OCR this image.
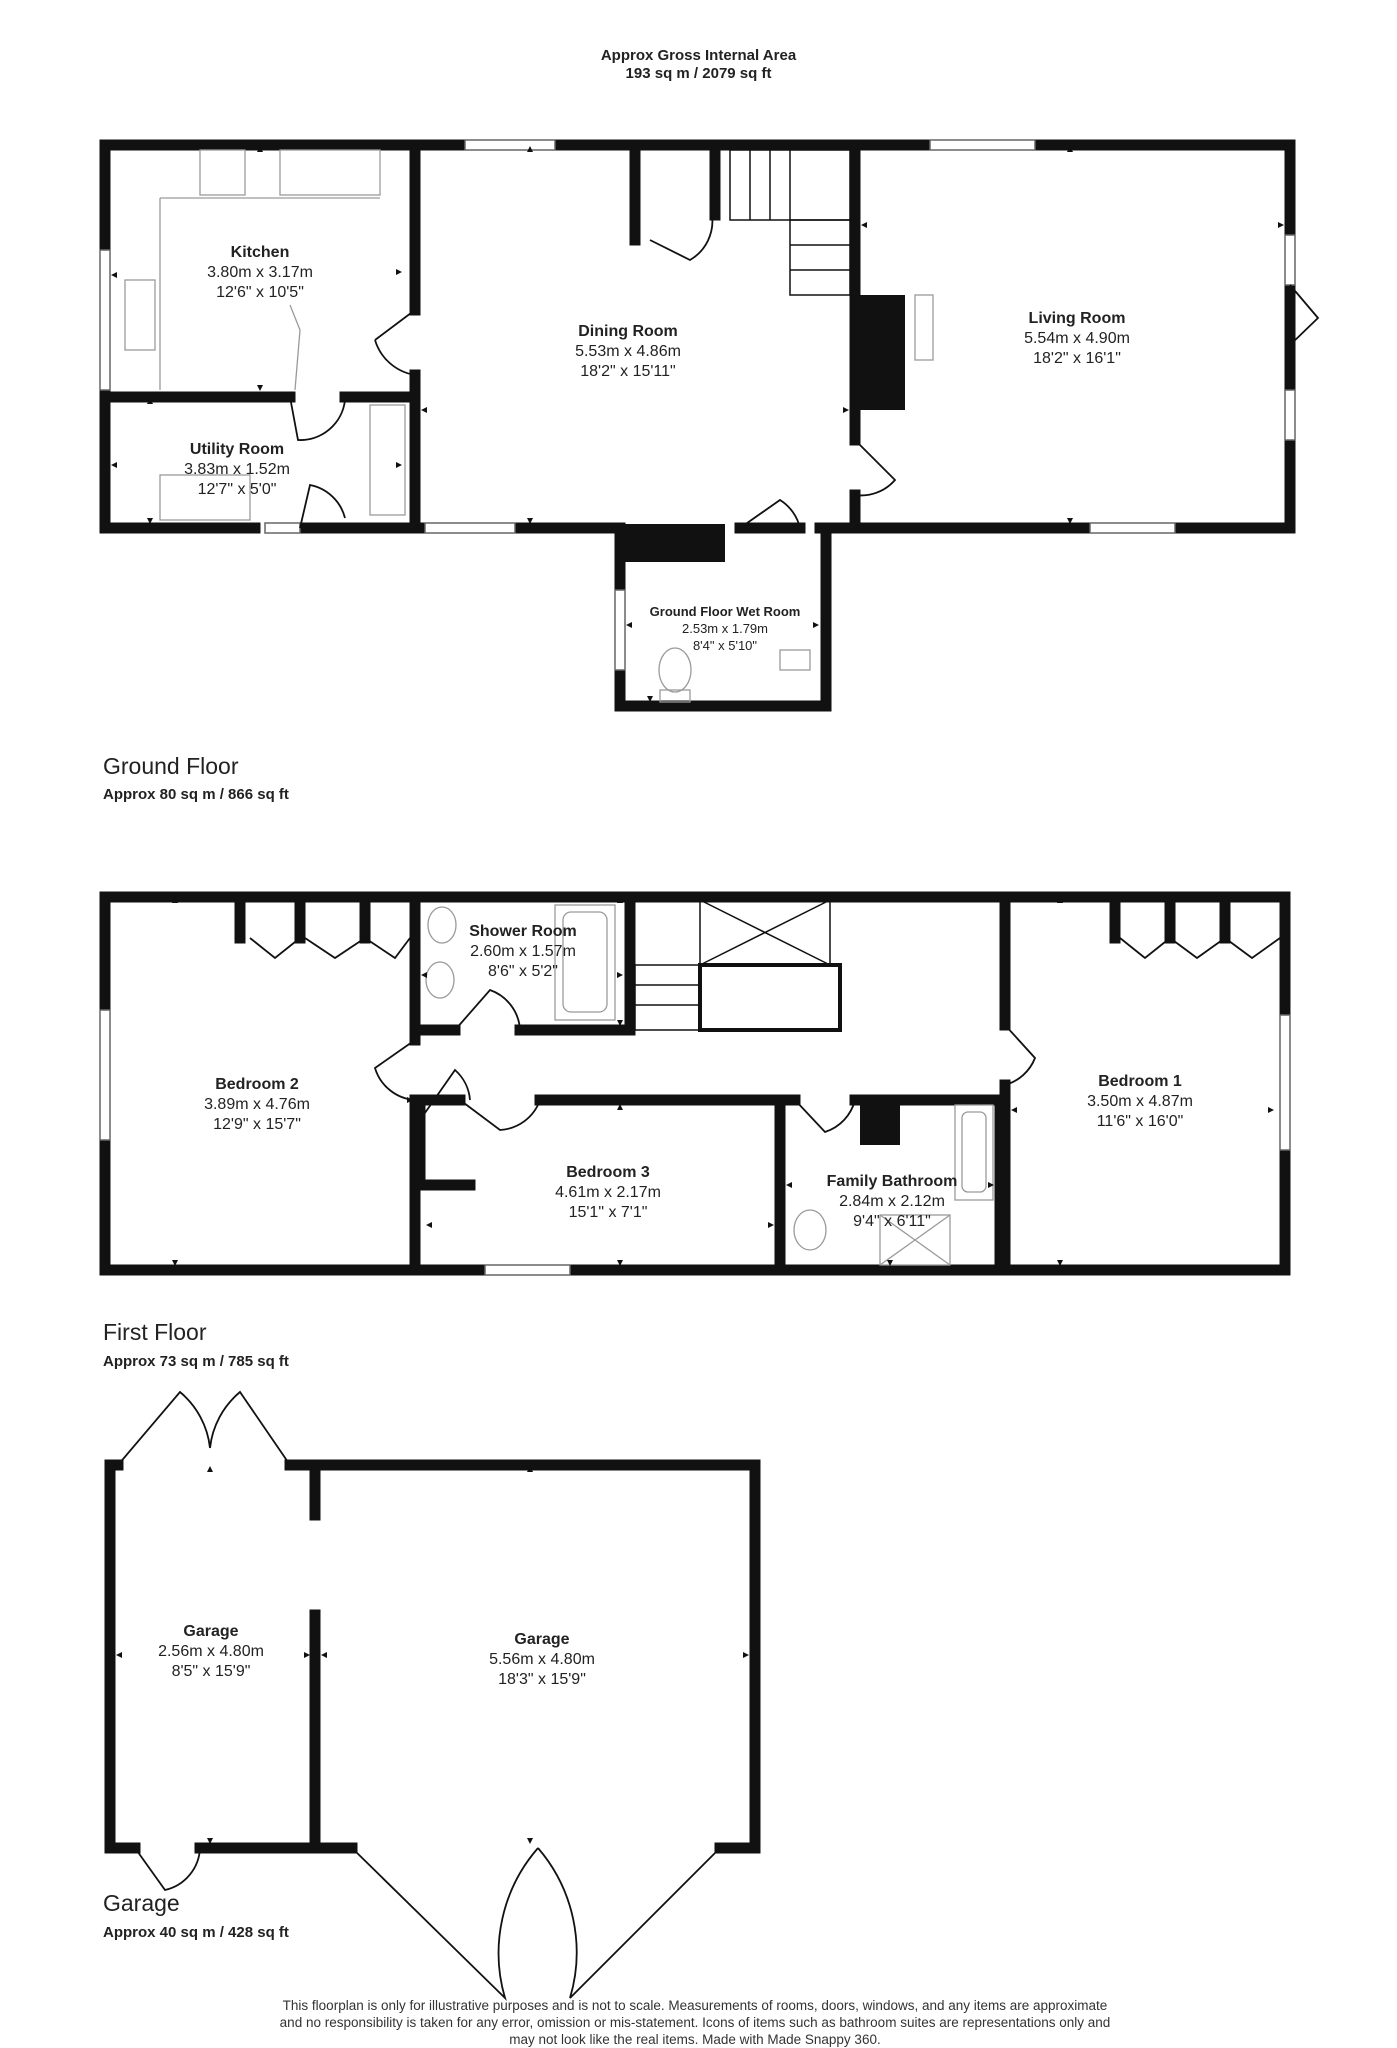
Approx Gross Internal Area
193 sq m / 2079 sq ft
Kitchen
3.80m x 3.17m
12'6" x 10'5"
Utility Room
3.83m x 1.52m
12'7" x 5'0"
Dining Room
5.53m x 4.86m
18'2" x 15'11"
Living Room
5.54m x 4.90m
18'2" x 16'1"
Ground Floor Wet Room
2.53m x 1.79m
8'4" x 5'10"
Ground Floor
Approx 80 sq m / 866 sq ft
Shower Room
2.60m x 1.57m
8'6" x 5'2"
Bedroom 2
3.89m x 4.76m
12'9" x 15'7"
Bedroom 3
4.61m x 2.17m
15'1" x 7'1"
Family Bathroom
2.84m x 2.12m
9'4" x 6'11"
Bedroom 1
3.50m x 4.87m
11'6" x 16'0"
First Floor
Approx 73 sq m / 785 sq ft
Garage
2.56m x 4.80m
8'5" x 15'9"
Garage
5.56m x 4.80m
18'3" x 15'9"
Garage
Approx 40 sq m / 428 sq ft
This floorplan is only for illustrative purposes and is not to scale. Measurements of rooms, doors, windows, and any items are approximate
and no responsibility is taken for any error, omission or mis-statement. Icons of items such as bathroom suites are representations only and
may not look like the real items. Made with Made Snappy 360.
